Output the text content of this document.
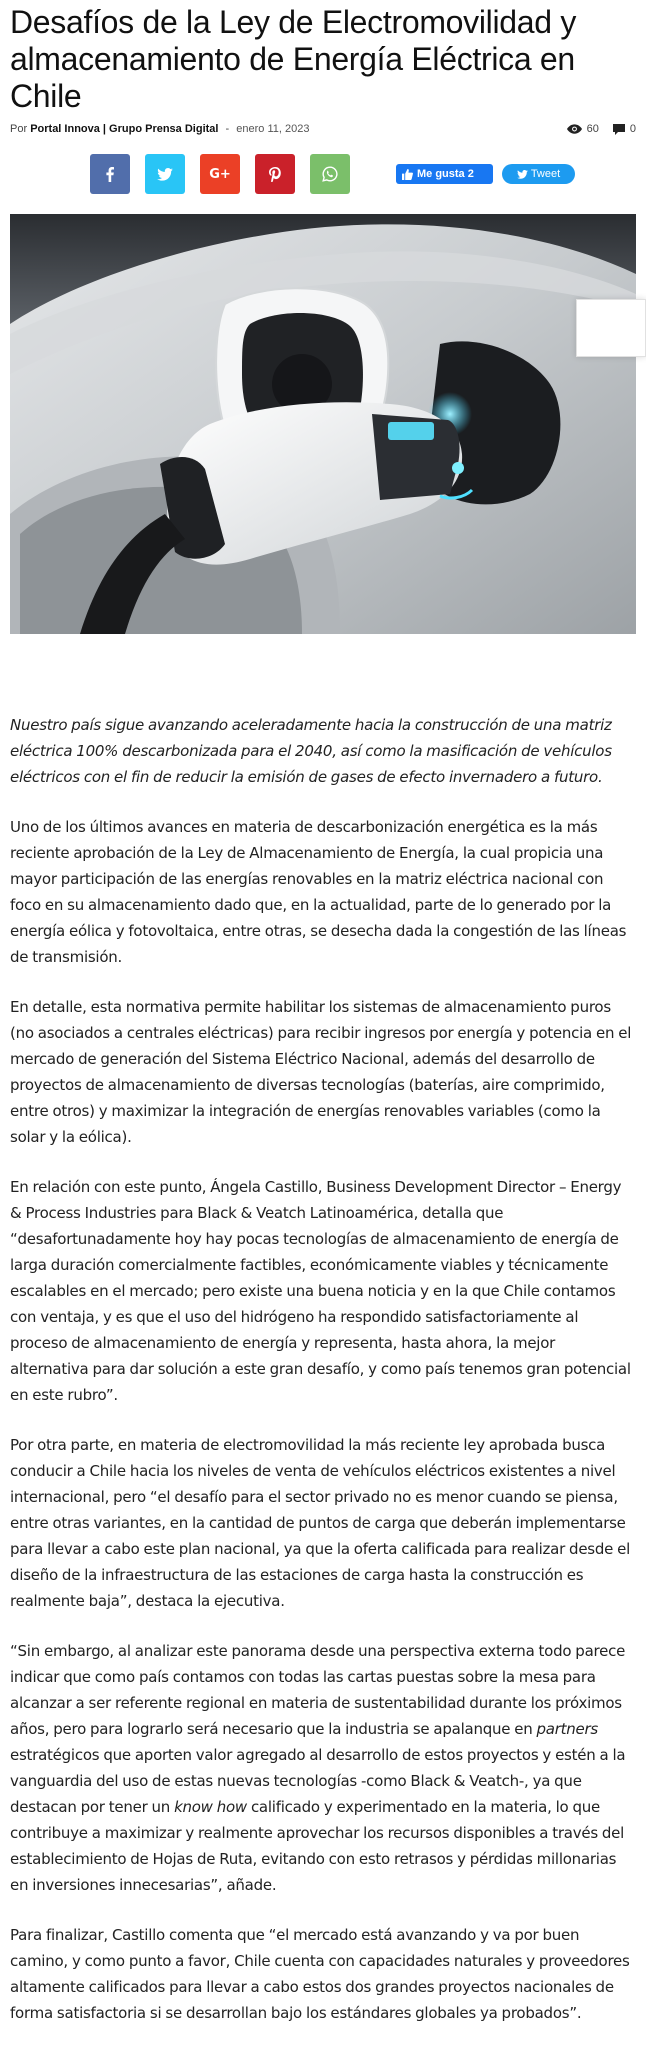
Desafíos de la Ley de Electromovilidad y almacenamiento de Energía Eléctrica en Chile
Por Portal Innova | Grupo Prensa Digital - enero 11, 2023	60	0
G+	Me gusta 2	Tweet

Nuestro país sigue avanzando aceleradamente hacia la construcción de una matriz eléctrica 100% descarbonizada para el 2040, así como la masificación de vehículos eléctricos con el fin de reducir la emisión de gases de efecto invernadero a futuro.

Uno de los últimos avances en materia de descarbonización energética es la más reciente aprobación de la Ley de Almacenamiento de Energía, la cual propicia una mayor participación de las energías renovables en la matriz eléctrica nacional con foco en su almacenamiento dado que, en la actualidad, parte de lo generado por la energía eólica y fotovoltaica, entre otras, se desecha dada la congestión de las líneas de transmisión.

En detalle, esta normativa permite habilitar los sistemas de almacenamiento puros (no asociados a centrales eléctricas) para recibir ingresos por energía y potencia en el mercado de generación del Sistema Eléctrico Nacional, además del desarrollo de proyectos de almacenamiento de diversas tecnologías (baterías, aire comprimido, entre otros) y maximizar la integración de energías renovables variables (como la solar y la eólica).

En relación con este punto, Ángela Castillo, Business Development Director – Energy & Process Industries para Black & Veatch Latinoamérica, detalla que “desafortunadamente hoy hay pocas tecnologías de almacenamiento de energía de larga duración comercialmente factibles, económicamente viables y técnicamente escalables en el mercado; pero existe una buena noticia y en la que Chile contamos con ventaja, y es que el uso del hidrógeno ha respondido satisfactoriamente al proceso de almacenamiento de energía y representa, hasta ahora, la mejor alternativa para dar solución a este gran desafío, y como país tenemos gran potencial en este rubro”.

Por otra parte, en materia de electromovilidad la más reciente ley aprobada busca conducir a Chile hacia los niveles de venta de vehículos eléctricos existentes a nivel internacional, pero “el desafío para el sector privado no es menor cuando se piensa, entre otras variantes, en la cantidad de puntos de carga que deberán implementarse para llevar a cabo este plan nacional, ya que la oferta calificada para realizar desde el diseño de la infraestructura de las estaciones de carga hasta la construcción es realmente baja”, destaca la ejecutiva.

“Sin embargo, al analizar este panorama desde una perspectiva externa todo parece indicar que como país contamos con todas las cartas puestas sobre la mesa para alcanzar a ser referente regional en materia de sustentabilidad durante los próximos años, pero para lograrlo será necesario que la industria se apalanque en partners estratégicos que aporten valor agregado al desarrollo de estos proyectos y estén a la vanguardia del uso de estas nuevas tecnologías -como Black & Veatch-, ya que destacan por tener un know how calificado y experimentado en la materia, lo que contribuye a maximizar y realmente aprovechar los recursos disponibles a través del establecimiento de Hojas de Ruta, evitando con esto retrasos y pérdidas millonarias en inversiones innecesarias”, añade.

Para finalizar, Castillo comenta que “el mercado está avanzando y va por buen camino, y como punto a favor, Chile cuenta con capacidades naturales y proveedores altamente calificados para llevar a cabo estos dos grandes proyectos nacionales de forma satisfactoria si se desarrollan bajo los estándares globales ya probados”.
